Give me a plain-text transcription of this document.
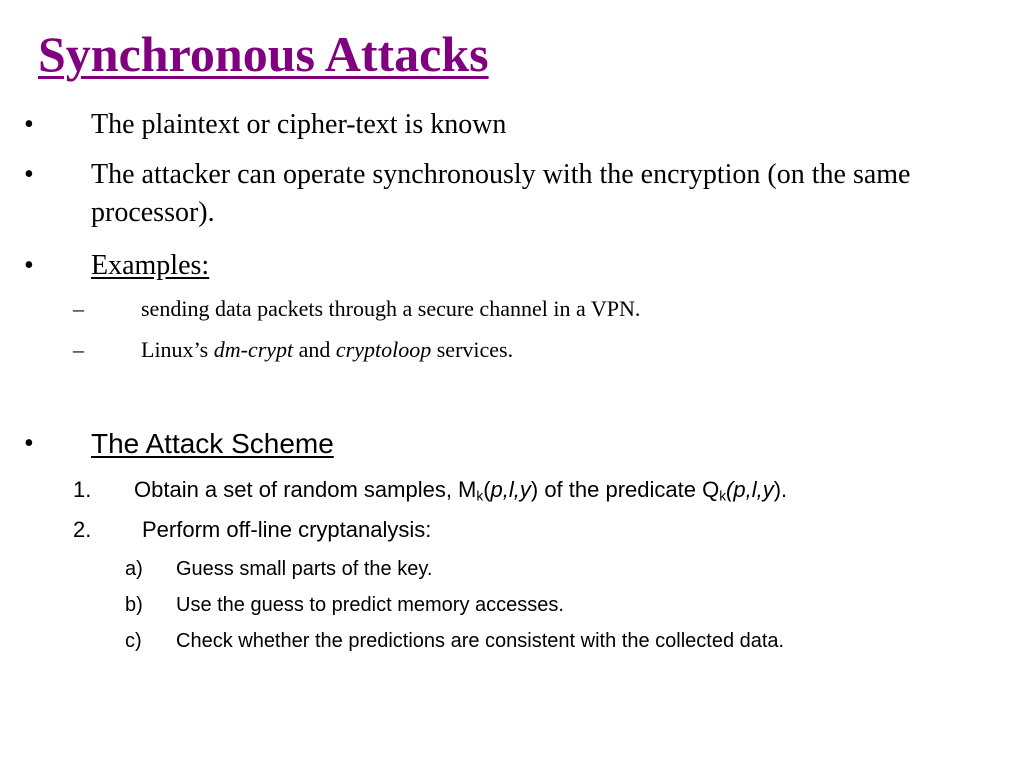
Synchronous Attacks
• The plaintext or cipher-text is known
• The attacker can operate synchronously with the encryption (on the same processor).
• Examples:
–	sending data packets through a secure channel in a VPN.
–	Linux’s dm-crypt and cryptoloop services.
• The Attack Scheme
1. Obtain a set of random samples, $M_k(p,l,y)$ of the predicate $Q_k(p,l,y)$.
2. Perform off-line cryptanalysis:
a) Guess small parts of the key.
b) Use the guess to predict memory accesses.
c) Check whether the predictions are consistent with the collected data.
